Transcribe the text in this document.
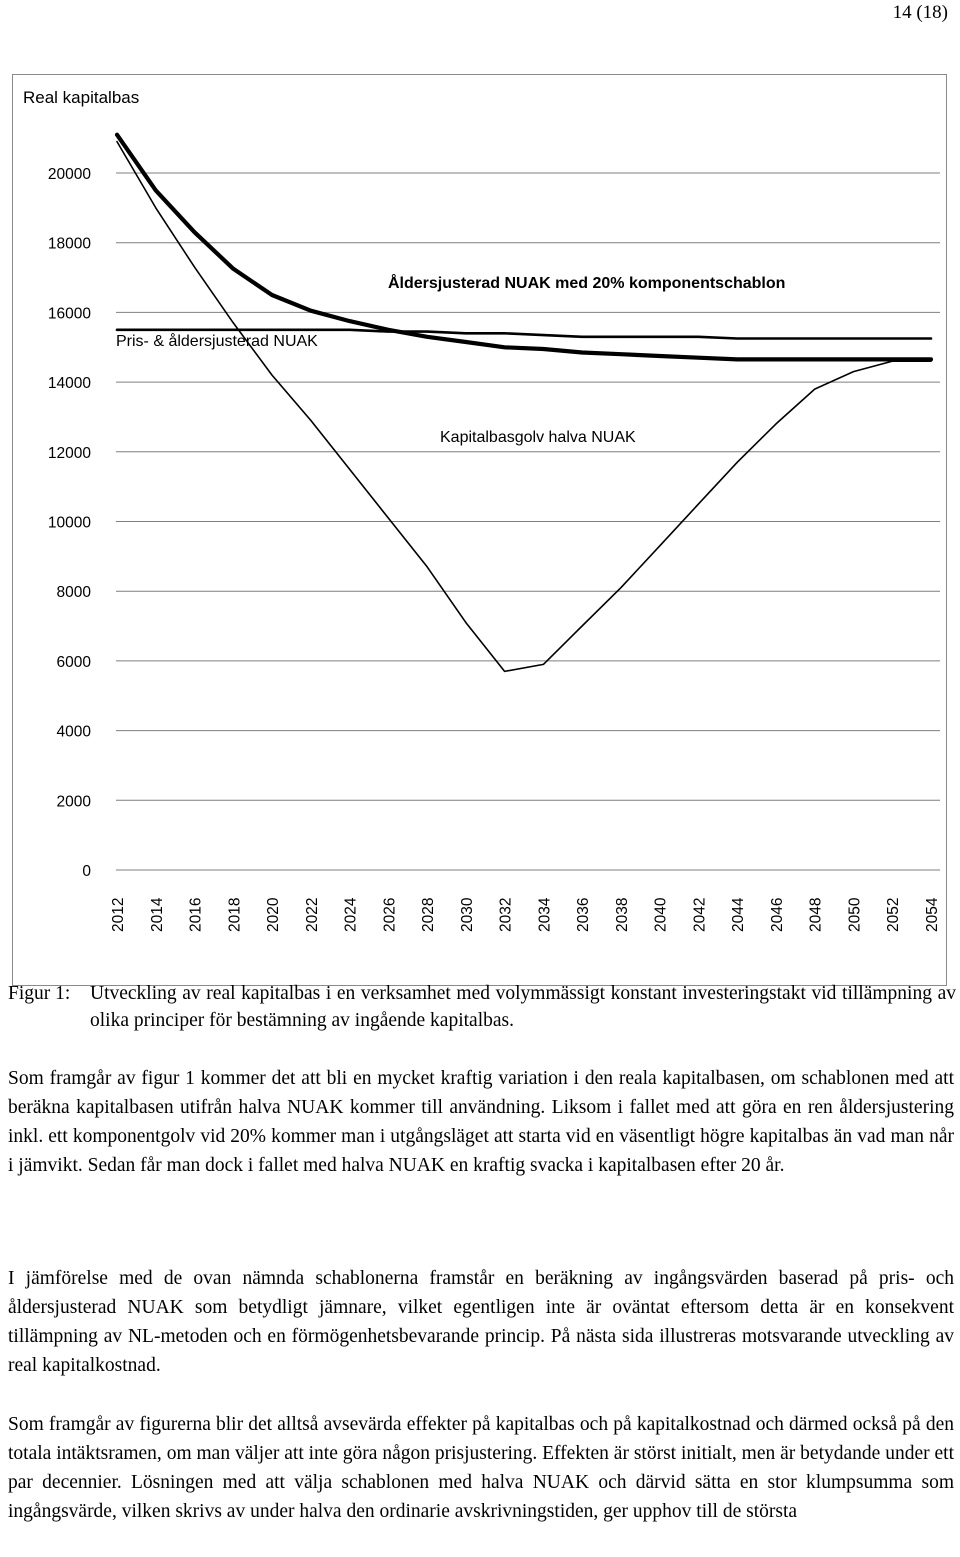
14 (18)
0
2000
4000
6000
8000
10000
12000
14000
16000
18000
20000
2012 2014 2016 2018 2020 2022 2024 2026 2028 2030 2032 2034 2036 2038 2040 2042 2044 2046 2048 2050 2052 2054
Real kapitalbas
Åldersjusterad NUAK med 20% komponentschablon
Pris- & åldersjusterad NUAK
Kapitalbasgolv halva NUAK
Figur 1:	Utveckling av real kapitalbas i en verksamhet med volymmässigt konstant investeringstakt vid tillämpning av olika principer för bestämning av ingående kapitalbas.

Som framgår av figur 1 kommer det att bli en mycket kraftig variation i den reala kapitalbasen, om schablonen med att beräkna kapitalbasen utifrån halva NUAK kommer till användning. Liksom i fallet med att göra en ren åldersjustering inkl. ett komponentgolv vid 20% kommer man i utgångsläget att starta vid en väsentligt högre kapitalbas än vad man når i jämvikt. Sedan får man dock i fallet med halva NUAK en kraftig svacka i kapitalbasen efter 20 år.

I jämförelse med de ovan nämnda schablonerna framstår en beräkning av ingångsvärden baserad på pris- och åldersjusterad NUAK som betydligt jämnare, vilket egentligen inte är oväntat eftersom detta är en konsekvent tillämpning av NL-metoden och en förmögenhetsbevarande princip. På nästa sida illustreras motsvarande utveckling av real kapitalkostnad.

Som framgår av figurerna blir det alltså avsevärda effekter på kapitalbas och på kapitalkostnad och därmed också på den totala intäktsramen, om man väljer att inte göra någon prisjustering. Effekten är störst initialt, men är betydande under ett par decennier. Lösningen med att välja schablonen med halva NUAK och därvid sätta en stor klumpsumma som ingångsvärde, vilken skrivs av under halva den ordinarie avskrivningstiden, ger upphov till de största
